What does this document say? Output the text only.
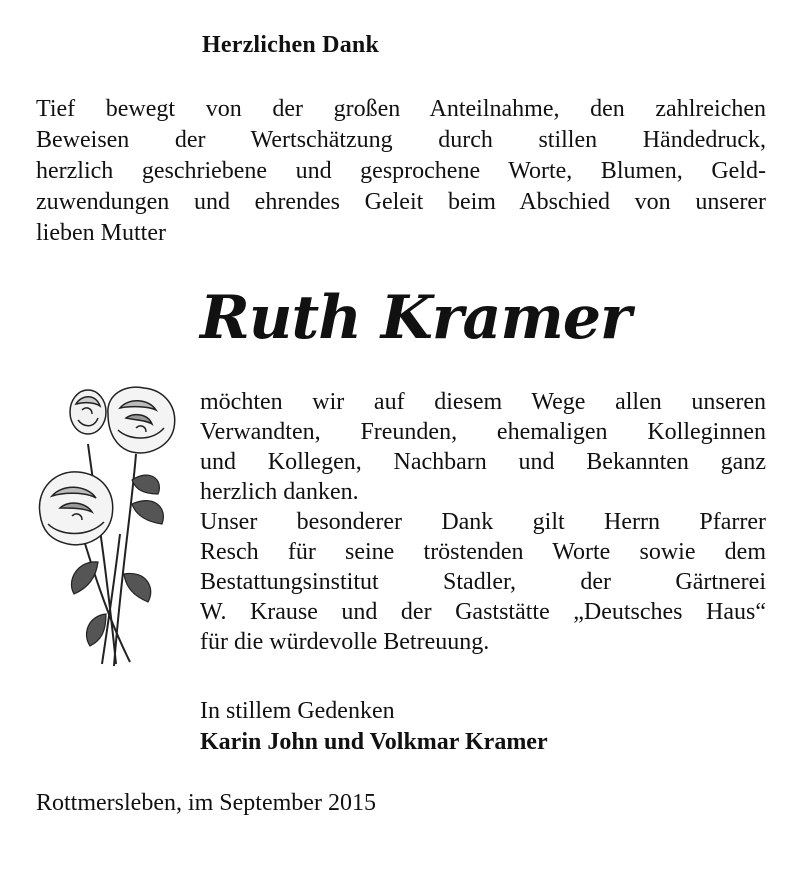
Herzlichen Dank
Tief bewegt von der großen Anteilnahme, den zahlreichen
Beweisen der Wertschätzung durch stillen Händedruck,
herzlich geschriebene und gesprochene Worte, Blumen, Geld-
zuwendungen und ehrendes Geleit beim Abschied von unserer
lieben Mutter
Ruth Kramer
möchten wir auf diesem Wege allen unseren
Verwandten, Freunden, ehemaligen Kolleginnen
und Kollegen, Nachbarn und Bekannten ganz
herzlich danken.
Unser besonderer Dank gilt Herrn Pfarrer
Resch für seine tröstenden Worte sowie dem
Bestattungsinstitut Stadler, der Gärtnerei
W. Krause und der Gaststätte „Deutsches Haus“
für die würdevolle Betreuung.
In stillem Gedenken
Karin John und Volkmar Kramer
Rottmersleben, im September 2015
